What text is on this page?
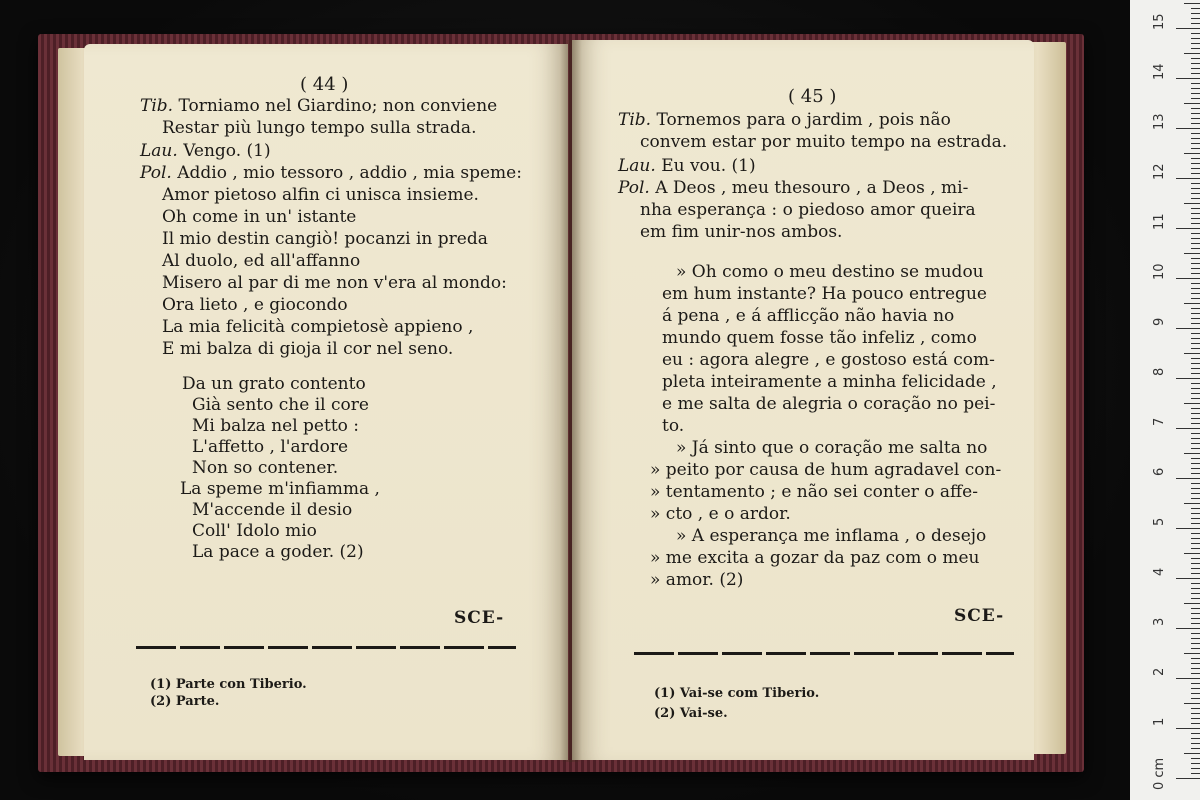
( 44 )
Tib. Torniamo nel Giardino; non conviene
Restar più lungo tempo sulla strada.
Lau. Vengo. (1)
Pol. Addio , mio tessoro , addio , mia speme:
Amor pietoso alfin ci unisca insieme.
Oh come in un' istante
Il mio destin cangiò! pocanzi in preda
Al duolo, ed all'affanno
Misero al par di me non v'era al mondo:
Ora lieto , e giocondo
La mia felicità compietosè appieno ,
E mi balza di gioja il cor nel seno.
Da un grato contento
Già sento che il core
Mi balza nel petto :
L'affetto , l'ardore
Non so contener.
La speme m'infiamma ,
M'accende il desio
Coll' Idolo mio
La pace a goder. (2)
SCE-
(1) Parte con Tiberio.
(2) Parte.
( 45 )
Tib. Tornemos para o jardim , pois não
convem estar por muito tempo na estrada.
Lau. Eu vou. (1)
Pol. A Deos , meu thesouro , a Deos , mi-
nha esperança : o piedoso amor queira
em fim unir-nos ambos.
» Oh como o meu destino se mudou
em hum instante? Ha pouco entregue
á pena , e á afflicção não havia no
mundo quem fosse tão infeliz , como
eu : agora alegre , e gostoso está com-
pleta inteiramente a minha felicidade ,
e me salta de alegria o coração no pei-
to.
» Já sinto que o coração me salta no
» peito por causa de hum agradavel con-
» tentamento ; e não sei conter o affe-
» cto , e o ardor.
» A esperança me inflama , o desejo
» me excita a gozar da paz com o meu
» amor. (2)
SCE-
(1) Vai-se com Tiberio.
(2) Vai-se.
0 cm
1
2
3
4
5
6
7
8
9
10
11
12
13
14
15
